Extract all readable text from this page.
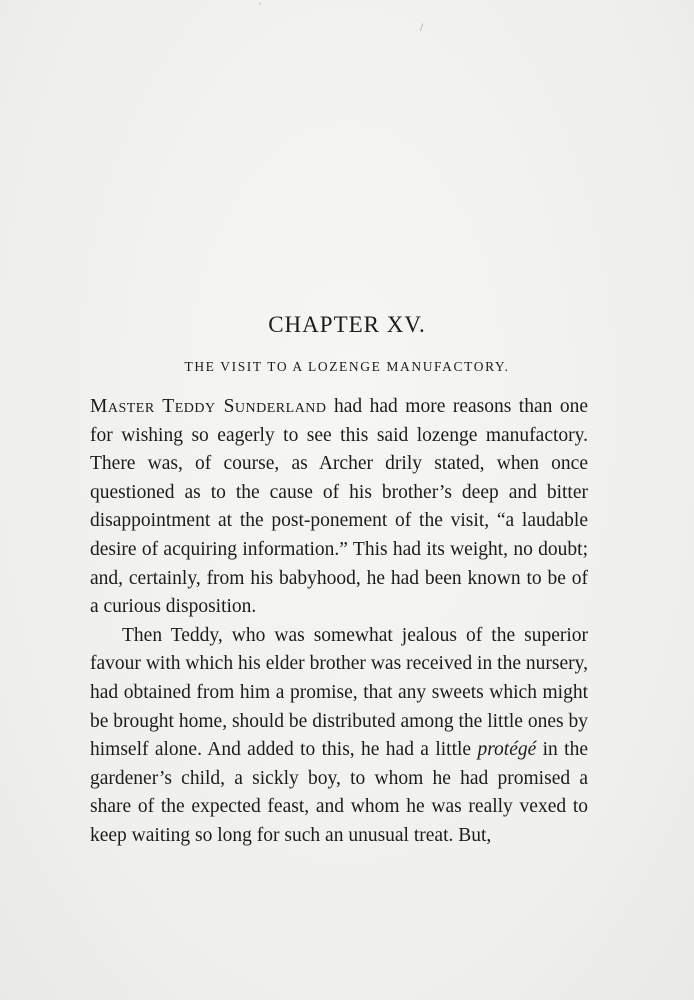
ˈ
/
CHAPTER XV.
THE VISIT TO A LOZENGE MANUFACTORY.

Master Teddy Sunderland had had more reasons than one for wishing so eagerly to see this said lozenge manufactory. There was, of course, as Archer drily stated, when once questioned as to the cause of his brother’s deep and bitter disappointment at the post-ponement of the visit, “a laudable desire of acquiring information.” This had its weight, no doubt; and, certainly, from his babyhood, he had been known to be of a curious disposition.

Then Teddy, who was somewhat jealous of the superior favour with which his elder brother was received in the nursery, had obtained from him a promise, that any sweets which might be brought home, should be distributed among the little ones by himself alone. And added to this, he had a little protégé in the gardener’s child, a sickly boy, to whom he had promised a share of the expected feast, and whom he was really vexed to keep waiting so long for such an unusual treat. But,
